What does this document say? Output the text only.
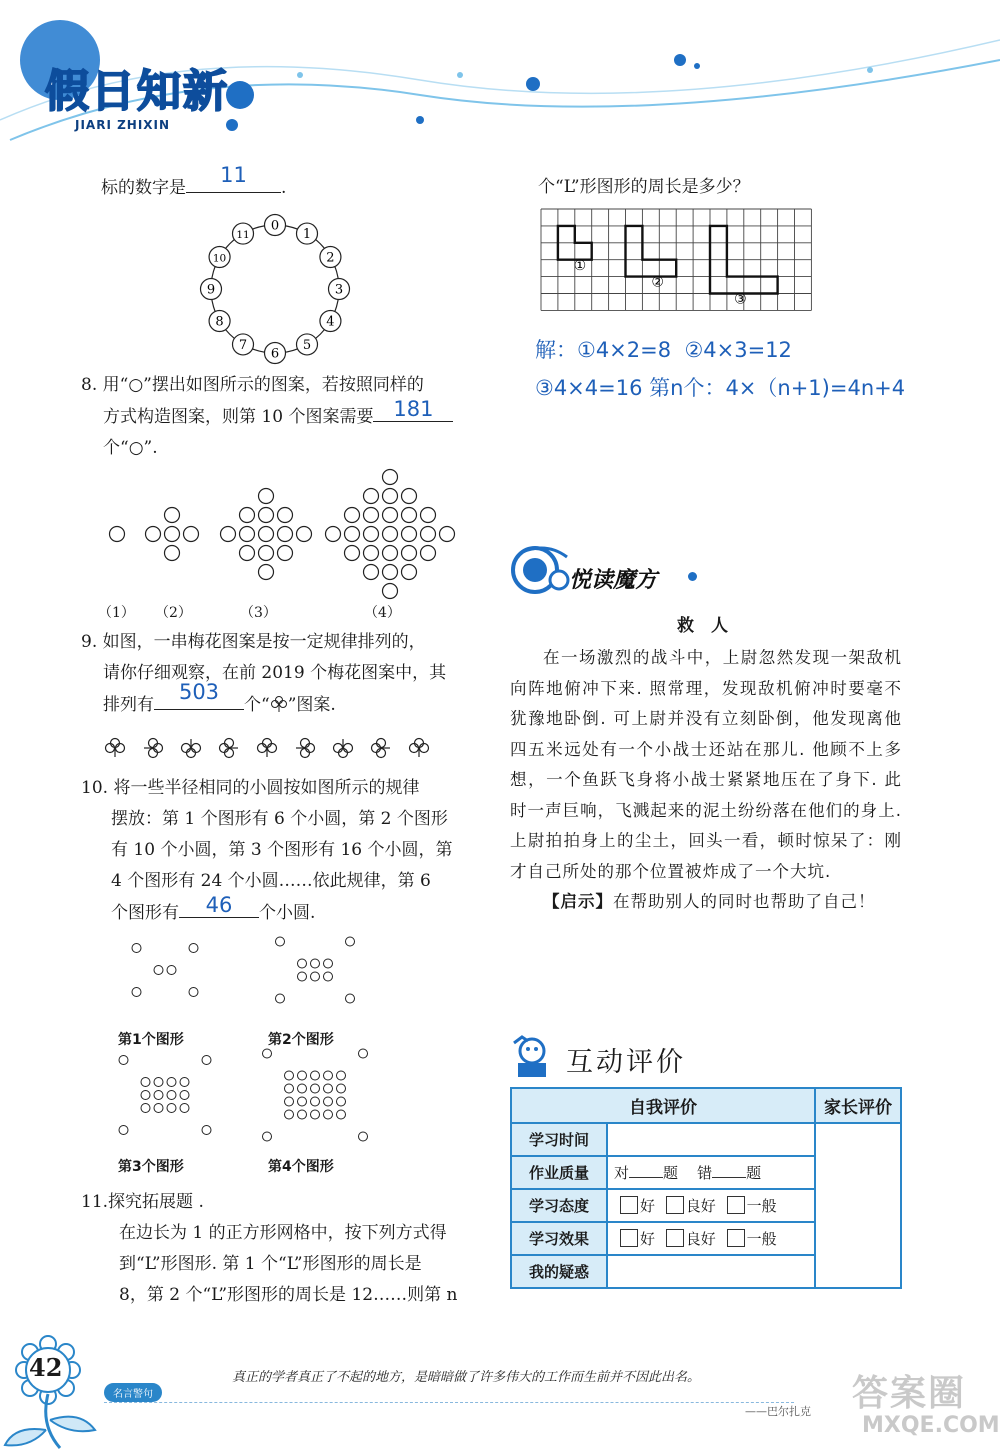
假日知新
JIARI ZHIXIN
标的数字是
11
.
0
1
2
3
4
5
6
7
8
9
10
11
8. 用“○”摆出如图所示的图案，若按照同样的
方式构造图案，则第 10 个图案需要 181
个“○”.
（1） （2）	（3）	（4）
9. 如图，一串梅花图案是按一定规律排列的，
请你仔细观察，在前 2019 个梅花图案中，其
排列有
503
个“ ”图案.
10. 将一些半径相同的小圆按如图所示的规律
摆放：第 1 个图形有 6 个小圆，第 2 个图形
有 10 个小圆，第 3 个图形有 16 个小圆，第
4 个图形有 24 个小圆……依此规律，第 6
个图形有	46	个小圆.
第1个图形	第2个图形
第3个图形	第4个图形
11.探究拓展题 .
在边长为 1 的正方形网格中，按下列方式得
到“L”形图形. 第 1 个“L”形图形的周长是
8，第 2 个“L”形图形的周长是 12……则第 n
个“L”形图形的周长是多少？
①
②
③
解：①4×2=8  ②4×3=12
③4×4=16 第n个：4×（n+1)=4n+4
悦读魔方
救　人

在一场激烈的战斗中，上尉忽然发现一架敌机向阵地俯冲下来. 照常理，发现敌机俯冲时要毫不犹豫地卧倒. 可上尉并没有立刻卧倒，他发现离他四五米远处有一个小战士还站在那儿. 他顾不上多想，一个鱼跃飞身将小战士紧紧地压在了身下. 此时一声巨响，飞溅起来的泥土纷纷落在他们的身上. 上尉拍拍身上的尘土，回头一看，顿时惊呆了：刚才自己所处的那个位置被炸成了一个大坑.

【启示】在帮助别人的同时也帮助了自己！

互动评价
自我评价		家长评价
学习时间		
作业质量	对 题 错 题	
学习态度	好 良好 一般	
学习效果	好 良好 一般	
我的疑惑		
42
名言警句
真正的学者真正了不起的地方，是暗暗做了许多伟大的工作而生前并不因此出名。
——巴尔扎克 答案圈
MXQE.COM
